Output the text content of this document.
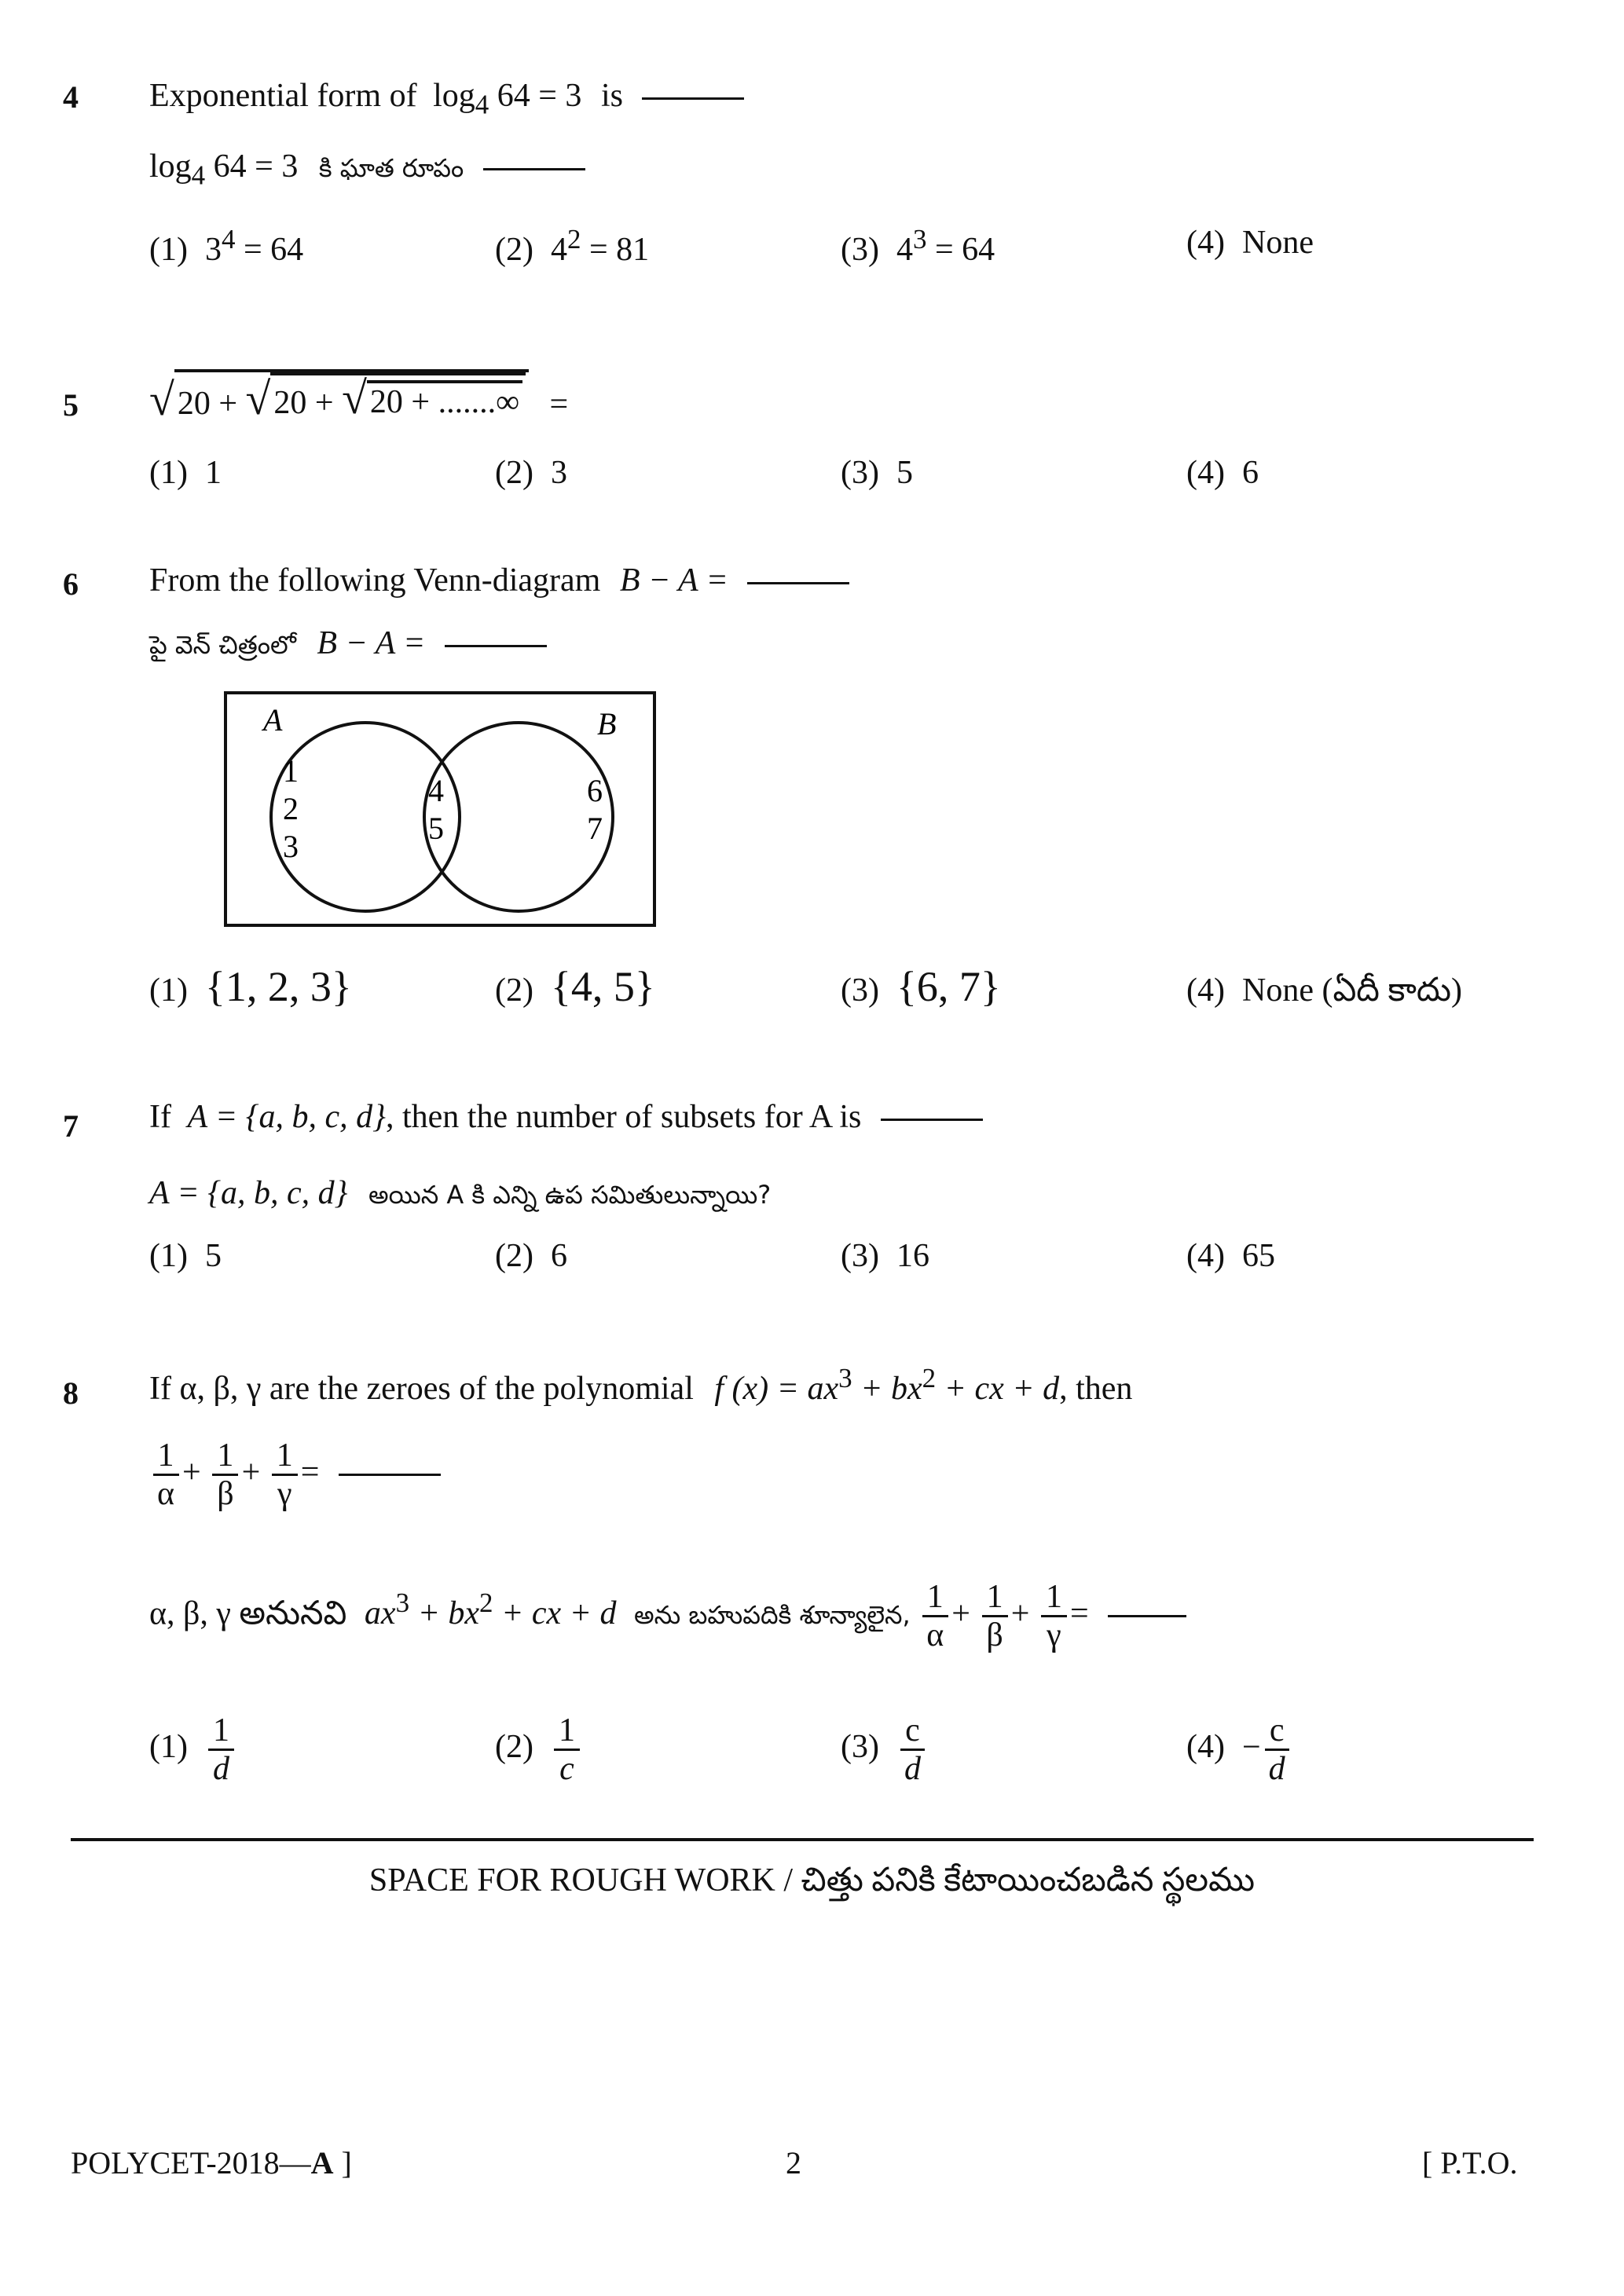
4 Exponential form of $\log_4 64 = 3$ is
$\log_4 64 = 3$ కి ఘాత రూపం
(1) $3^4 = 64$	(2) $4^2 = 81$	(3) $4^3 = 64$	(4) None
5 √ 20 + √ 20 + √ 20 + .......∞ =
(1) 1	(2) 3	(3) 5	(4) 6
6 From the following Venn-diagram B − A =
పై వెన్ చిత్రంలో B − A =
A	B
1
2
3
4
5
6
7
(1) {1, 2, 3}	(2) {4, 5}	(3) {6, 7}	(4) None (ఏదీ కాదు)
7 If A = {a, b, c, d}, then the number of subsets for A is
A = {a, b, c, d} అయిన A కి ఎన్ని ఉప సమితులున్నాయి?
(1) 5	(2) 6	(3) 16	(4) 65
8 If α, β, γ are the zeroes of the polynomial f $(x) = ax^3 + bx^2$ + cx + d, then
$\frac{1}{\alpha} + \frac{1}{\beta} + \frac{1}{\gamma}$ =
α, β, γ అనునవి $ax^3 + bx^2$ + cx + d అను బహుపదికి శూన్యాలైన, $\frac{1}{\alpha} + \frac{1}{\beta} + \frac{1}{\gamma}$ =
$(1) \frac{1}{d}$	$(2) \frac{1}{c}$	$(3) \frac{c}{d}$	$(4) - \frac{c}{d}$
SPACE FOR ROUGH WORK / చిత్తు పనికి కేటాయించబడిన స్థలము
POLYCET-2018—A ]	2	[ P.T.O.
